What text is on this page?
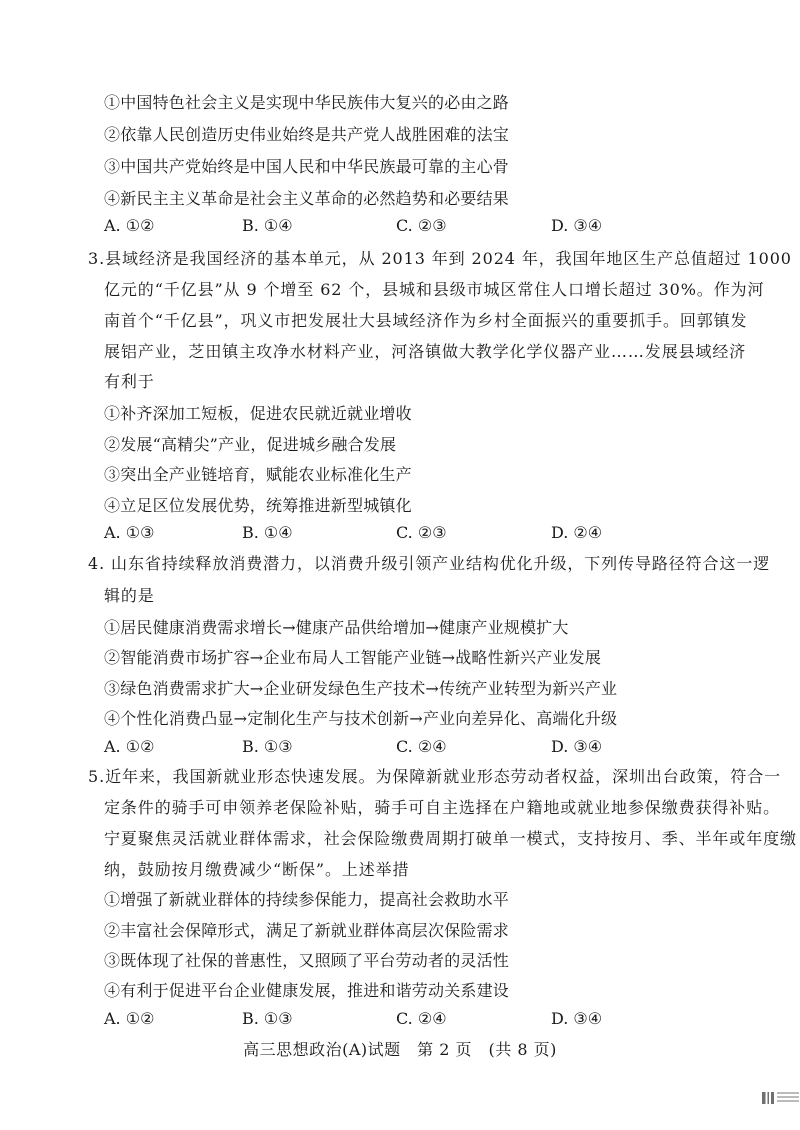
①中国特色社会主义是实现中华民族伟大复兴的必由之路
②依靠人民创造历史伟业始终是共产党人战胜困难的法宝
③中国共产党始终是中国人民和中华民族最可靠的主心骨
④新民主主义革命是社会主义革命的必然趋势和必要结果
A. ①②	B. ①④	C. ②③	D. ③④
3.县域经济是我国经济的基本单元，从 2013 年到 2024 年，我国年地区生产总值超过 1000
亿元的“千亿县”从 9 个增至 62 个，县城和县级市城区常住人口增长超过 30%。作为河
南首个“千亿县”，巩义市把发展壮大县域经济作为乡村全面振兴的重要抓手。回郭镇发
展铝产业，芝田镇主攻净水材料产业，河洛镇做大教学化学仪器产业……发展县域经济
有利于
①补齐深加工短板，促进农民就近就业增收
②发展“高精尖”产业，促进城乡融合发展
③突出全产业链培育，赋能农业标准化生产
④立足区位发展优势，统筹推进新型城镇化
A. ①③	B. ①④	C. ②③	D. ②④
4. 山东省持续释放消费潜力，以消费升级引领产业结构优化升级，下列传导路径符合这一逻
辑的是
①居民健康消费需求增长→健康产品供给增加→健康产业规模扩大
②智能消费市场扩容→企业布局人工智能产业链→战略性新兴产业发展
③绿色消费需求扩大→企业研发绿色生产技术→传统产业转型为新兴产业
④个性化消费凸显→定制化生产与技术创新→产业向差异化、高端化升级
A. ①②	B. ①③	C. ②④	D. ③④
5.近年来，我国新就业形态快速发展。为保障新就业形态劳动者权益，深圳出台政策，符合一
定条件的骑手可申领养老保险补贴，骑手可自主选择在户籍地或就业地参保缴费获得补贴。
宁夏聚焦灵活就业群体需求，社会保险缴费周期打破单一模式，支持按月、季、半年或年度缴
纳，鼓励按月缴费减少“断保”。上述举措
①增强了新就业群体的持续参保能力，提高社会救助水平
②丰富社会保障形式，满足了新就业群体高层次保险需求
③既体现了社保的普惠性，又照顾了平台劳动者的灵活性
④有利于促进平台企业健康发展，推进和谐劳动关系建设
A. ①②	B. ①③	C. ②④	D. ③④
高三思想政治(A)试题　第 2 页　(共 8 页)
